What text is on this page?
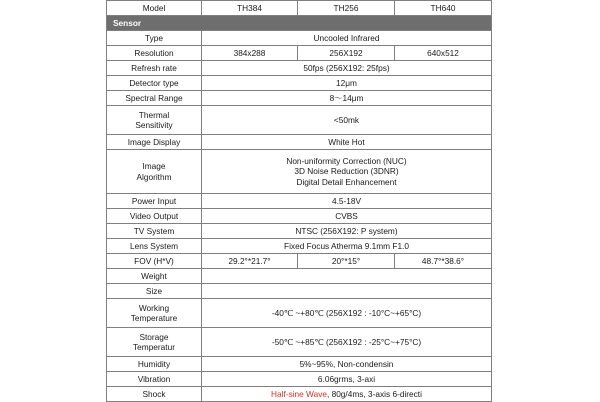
Model	TH384	TH256	TH640
Sensor			
Type	Uncooled Infrared		
Resolution	384x288	256X192	640x512
Refresh rate	50fps (256X192: 25fps)		
Detector type	12μm		
Spectral Range	8～14μm		

Thermal
Sensitivity	<50mk		
Image Display	White Hot		

Image
Algorithm	Non-uniformity Correction (NUC)
3D Noise Reduction (3DNR)
Digital Detail Enhancement		

Power Input	4.5-18V		
Video Output	CVBS		
TV System	NTSC (256X192: P system)		
Lens System	Fixed Focus Atherma 9.1mm F1.0		
FOV (H*V)	29.2°*21.7°	20°*15°	48.7°*38.6°
Weight			
Size			

Working
Temperature	-40℃ ~+80℃ (256X192 : -10°C~+65°C)		

Storage
Temperatur	-50℃ ~+85℃ (256X192 : -25°C~+75°C)		
Humidity	5%~95%, Non-condensin		
Vibration	6.06grms, 3-axi		
Shock	Half-sine Wave, 80g/4ms, 3-axis 6-directi		
